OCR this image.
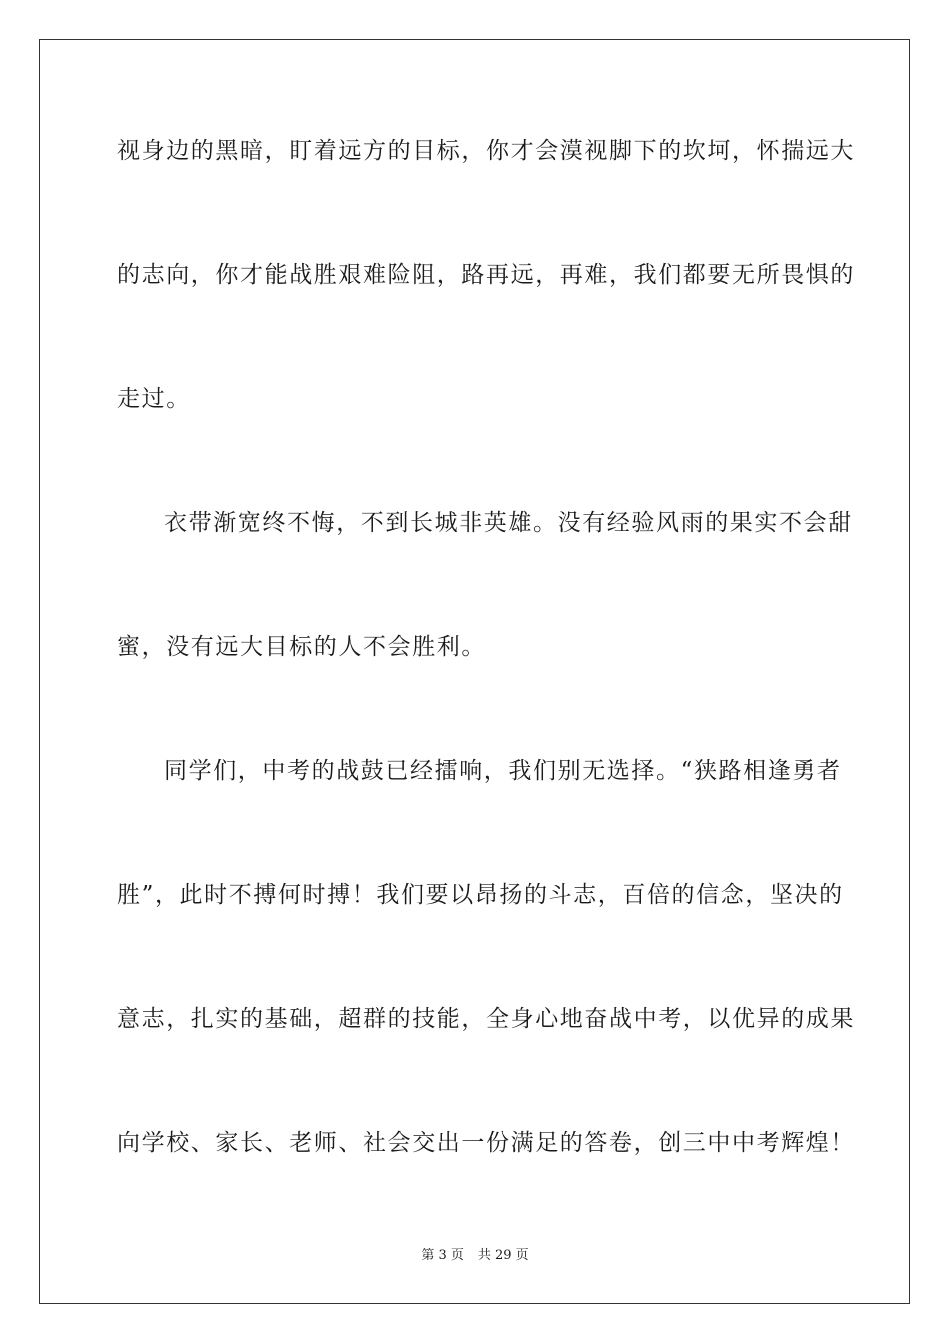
视身边的黑暗，盯着远方的目标，你才会漠视脚下的坎坷，怀揣远大
的志向，你才能战胜艰难险阻，路再远，再难，我们都要无所畏惧的
走过。
衣带渐宽终不悔，不到长城非英雄。没有经验风雨的果实不会甜
蜜，没有远大目标的人不会胜利。
同学们，中考的战鼓已经擂响，我们别无选择。“狭路相逢勇者
胜”，此时不搏何时搏！我们要以昂扬的斗志，百倍的信念，坚决的
意志，扎实的基础，超群的技能，全身心地奋战中考，以优异的成果
向学校、家长、老师、社会交出一份满足的答卷，创三中中考辉煌！
第 3 页 共 29 页
